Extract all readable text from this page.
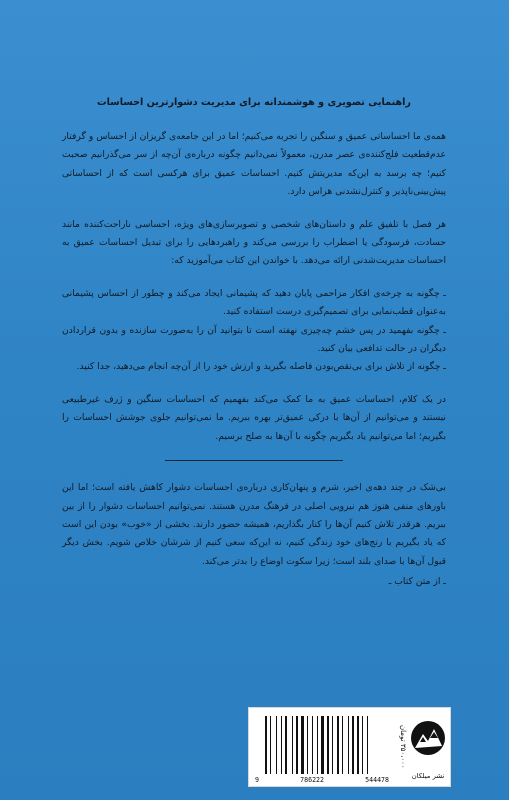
راهنمایی تصویری و هوشمندانه برای مدیریت دشوارترین احساسات

همه‌ی ما احساساتی عمیق و سنگین را تجربه می‌کنیم؛ اما در این جامعه‌ی گریزان از احساس و گرفتار عدم‌قطعیت فلج‌کننده‌ی عصر مدرن، معمولاً نمی‌دانیم چگونه درباره‌ی آن‌چه از سر می‌گذرانیم صحبت کنیم؛ چه برسد به این‌که مدیریتش کنیم. احساسات عمیق برای هرکسی است که از احساساتی پیش‌بینی‌ناپذیر و کنترل‌نشدنی هراس دارد.

هر فصل با تلفیق علم و داستان‌های شخصی و تصویرسازی‌های ویژه، احساسی ناراحت‌کننده مانند حسادت، فرسودگی یا اضطراب را بررسی می‌کند و راهبردهایی را برای تبدیل احساسات عمیق به احساسات مدیریت‌شدنی ارائه می‌دهد. با خواندن این کتاب می‌آموزید که:

ـ چگونه به چرخه‌ی افکار مزاحمی پایان دهید که پشیمانی ایجاد می‌کند و چطور از احساس پشیمانی به‌عنوان قطب‌نمایی برای تصمیم‌گیری درست استفاده کنید.
ـ چگونه بفهمید در پس خشم چه‌چیزی نهفته است تا بتوانید آن را به‌صورت سازنده و بدون قراردادن دیگران در حالت تدافعی بیان کنید.
ـ چگونه از تلاش برای بی‌نقص‌بودن فاصله بگیرید و ارزش خود را از آن‌چه انجام می‌دهید، جدا کنید.

در یک کلام، احساسات عمیق به ما کمک می‌کند بفهمیم که احساسات سنگین و ژرف غیرطبیعی نیستند و می‌توانیم از آن‌ها با درکی عمیق‌تر بهره ببریم. ما نمی‌توانیم جلوی جوشش احساسات را بگیریم؛ اما می‌توانیم یاد بگیریم چگونه با آن‌ها به صلح برسیم.

بی‌شک در چند دهه‌ی اخیر، شرم و پنهان‌کاری درباره‌ی احساسات دشوار کاهش یافته است؛ اما این باورهای منفی هنوز هم نیرویی اصلی در فرهنگ مدرن هستند. نمی‌توانیم احساسات دشوار را از بین ببریم. هرقدر تلاش کنیم آن‌ها را کنار بگذاریم، همیشه حضور دارند. بخشی از «خوب» بودن این است که یاد بگیریم با رنج‌های خود زندگی کنیم، نه این‌که سعی کنیم از شرشان خلاص شویم. بخش دیگر قبول آن‌ها با صدای بلند است؛ زیرا سکوت اوضاع را بدتر می‌کند.

ـ از متن کتاب ـ
9	786222	544478
۳۵۰،۰۰۰ تومان
نشر میلکان
